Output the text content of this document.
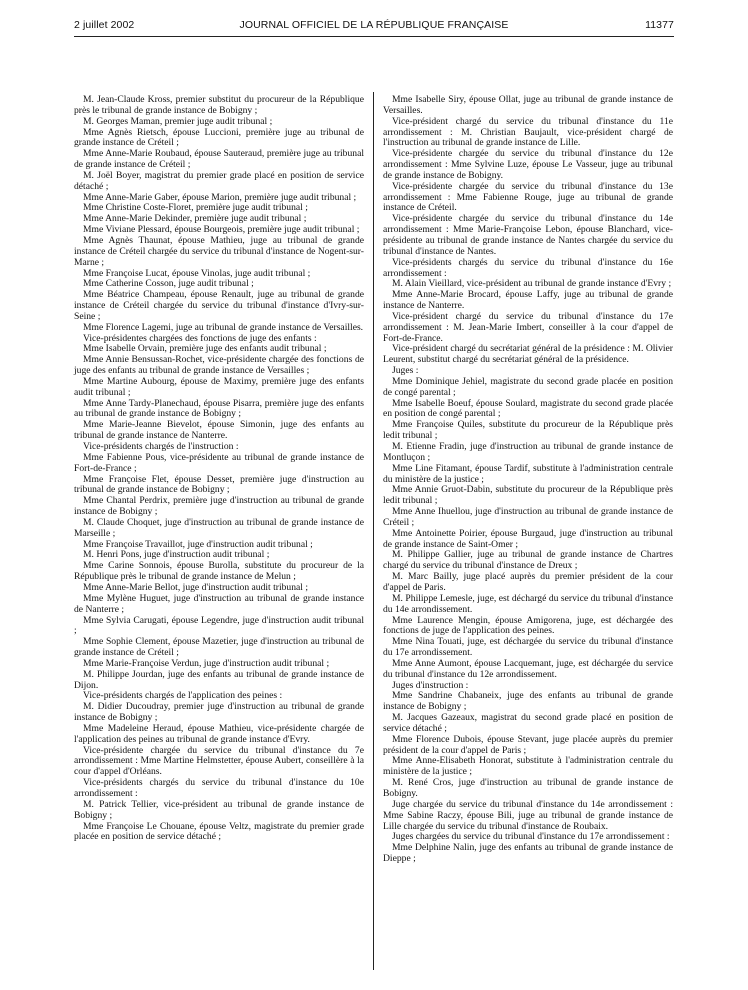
2 juillet 2002	JOURNAL OFFICIEL DE LA RÉPUBLIQUE FRANÇAISE	11377

M. Jean-Claude Kross, premier substitut du procureur de la République près le tribunal de grande instance de Bobigny ;

M. Georges Maman, premier juge audit tribunal ;

Mme Agnès Rietsch, épouse Luccioni, première juge au tribunal de grande instance de Créteil ;

Mme Anne-Marie Roubaud, épouse Sauteraud, première juge au tribunal de grande instance de Créteil ;

M. Joël Boyer, magistrat du premier grade placé en position de service détaché ;

Mme Anne-Marie Gaber, épouse Marion, première juge audit tribunal ;

Mme Christine Coste-Floret, première juge audit tribunal ;

Mme Anne-Marie Dekinder, première juge audit tribunal ;

Mme Viviane Plessard, épouse Bourgeois, première juge audit tribunal ;

Mme Agnès Thaunat, épouse Mathieu, juge au tribunal de grande instance de Créteil chargée du service du tribunal d'instance de Nogent-sur-Marne ;

Mme Françoise Lucat, épouse Vinolas, juge audit tribunal ;

Mme Catherine Cosson, juge audit tribunal ;

Mme Béatrice Champeau, épouse Renault, juge au tribunal de grande instance de Créteil chargée du service du tribunal d'instance d'Ivry-sur-Seine ;

Mme Florence Lagemi, juge au tribunal de grande instance de Versailles.

Vice-présidentes chargées des fonctions de juge des enfants :

Mme Isabelle Orvain, première juge des enfants audit tribunal ;

Mme Annie Bensussan-Rochet, vice-présidente chargée des fonctions de juge des enfants au tribunal de grande instance de Versailles ;

Mme Martine Aubourg, épouse de Maximy, première juge des enfants audit tribunal ;

Mme Anne Tardy-Planechaud, épouse Pisarra, première juge des enfants au tribunal de grande instance de Bobigny ;

Mme Marie-Jeanne Bievelot, épouse Simonin, juge des enfants au tribunal de grande instance de Nanterre.

Vice-présidents chargés de l'instruction :

Mme Fabienne Pous, vice-présidente au tribunal de grande instance de Fort-de-France ;

Mme Françoise Flet, épouse Desset, première juge d'instruction au tribunal de grande instance de Bobigny ;

Mme Chantal Perdrix, première juge d'instruction au tribunal de grande instance de Bobigny ;

M. Claude Choquet, juge d'instruction au tribunal de grande instance de Marseille ;

Mme Françoise Travaillot, juge d'instruction audit tribunal ;

M. Henri Pons, juge d'instruction audit tribunal ;

Mme Carine Sonnois, épouse Burolla, substitute du procureur de la République près le tribunal de grande instance de Melun ;

Mme Anne-Marie Bellot, juge d'instruction audit tribunal ;

Mme Mylène Huguet, juge d'instruction au tribunal de grande instance de Nanterre ;

Mme Sylvia Carugati, épouse Legendre, juge d'instruction audit tribunal ;

Mme Sophie Clement, épouse Mazetier, juge d'instruction au tribunal de grande instance de Créteil ;

Mme Marie-Françoise Verdun, juge d'instruction audit tribunal ;

M. Philippe Jourdan, juge des enfants au tribunal de grande instance de Dijon.

Vice-présidents chargés de l'application des peines :

M. Didier Ducoudray, premier juge d'instruction au tribunal de grande instance de Bobigny ;

Mme Madeleine Heraud, épouse Mathieu, vice-présidente chargée de l'application des peines au tribunal de grande instance d'Evry.

Vice-présidente chargée du service du tribunal d'instance du 7e arrondissement : Mme Martine Helmstetter, épouse Aubert, conseillère à la cour d'appel d'Orléans.

Vice-présidents chargés du service du tribunal d'instance du 10e arrondissement :

M. Patrick Tellier, vice-président au tribunal de grande instance de Bobigny ;

Mme Françoise Le Chouane, épouse Veltz, magistrate du premier grade placée en position de service détaché ;

Mme Isabelle Siry, épouse Ollat, juge au tribunal de grande instance de Versailles.

Vice-président chargé du service du tribunal d'instance du 11e arrondissement : M. Christian Baujault, vice-président chargé de l'instruction au tribunal de grande instance de Lille.

Vice-présidente chargée du service du tribunal d'instance du 12e arrondissement : Mme Sylvine Luze, épouse Le Vasseur, juge au tribunal de grande instance de Bobigny.

Vice-présidente chargée du service du tribunal d'instance du 13e arrondissement : Mme Fabienne Rouge, juge au tribunal de grande instance de Créteil.

Vice-présidente chargée du service du tribunal d'instance du 14e arrondissement : Mme Marie-Françoise Lebon, épouse Blanchard, vice-présidente au tribunal de grande instance de Nantes chargée du service du tribunal d'instance de Nantes.

Vice-présidents chargés du service du tribunal d'instance du 16e arrondissement :

M. Alain Vieillard, vice-président au tribunal de grande instance d'Evry ;

Mme Anne-Marie Brocard, épouse Laffy, juge au tribunal de grande instance de Nanterre.

Vice-président chargé du service du tribunal d'instance du 17e arrondissement : M. Jean-Marie Imbert, conseiller à la cour d'appel de Fort-de-France.

Vice-président chargé du secrétariat général de la présidence : M. Olivier Leurent, substitut chargé du secrétariat général de la présidence.

Juges :

Mme Dominique Jehiel, magistrate du second grade placée en position de congé parental ;

Mme Isabelle Boeuf, épouse Soulard, magistrate du second grade placée en position de congé parental ;

Mme Françoise Quiles, substitute du procureur de la République près ledit tribunal ;

M. Etienne Fradin, juge d'instruction au tribunal de grande instance de Montluçon ;

Mme Line Fitamant, épouse Tardif, substitute à l'administration centrale du ministère de la justice ;

Mme Annie Gruot-Dabin, substitute du procureur de la République près ledit tribunal ;

Mme Anne Ihuellou, juge d'instruction au tribunal de grande instance de Créteil ;

Mme Antoinette Poirier, épouse Burgaud, juge d'instruction au tribunal de grande instance de Saint-Omer ;

M. Philippe Gallier, juge au tribunal de grande instance de Chartres chargé du service du tribunal d'instance de Dreux ;

M. Marc Bailly, juge placé auprès du premier président de la cour d'appel de Paris.

M. Philippe Lemesle, juge, est déchargé du service du tribunal d'instance du 14e arrondissement.

Mme Laurence Mengin, épouse Amigorena, juge, est déchargée des fonctions de juge de l'application des peines.

Mme Nina Touati, juge, est déchargée du service du tribunal d'instance du 17e arrondissement.

Mme Anne Aumont, épouse Lacquemant, juge, est déchargée du service du tribunal d'instance du 12e arrondissement.

Juges d'instruction :

Mme Sandrine Chabaneix, juge des enfants au tribunal de grande instance de Bobigny ;

M. Jacques Gazeaux, magistrat du second grade placé en position de service détaché ;

Mme Florence Dubois, épouse Stevant, juge placée auprès du premier président de la cour d'appel de Paris ;

Mme Anne-Elisabeth Honorat, substitute à l'administration centrale du ministère de la justice ;

M. René Cros, juge d'instruction au tribunal de grande instance de Bobigny.

Juge chargée du service du tribunal d'instance du 14e arrondissement : Mme Sabine Raczy, épouse Bili, juge au tribunal de grande instance de Lille chargée du service du tribunal d'instance de Roubaix.

Juges chargées du service du tribunal d'instance du 17e arrondissement :

Mme Delphine Nalin, juge des enfants au tribunal de grande instance de Dieppe ;
